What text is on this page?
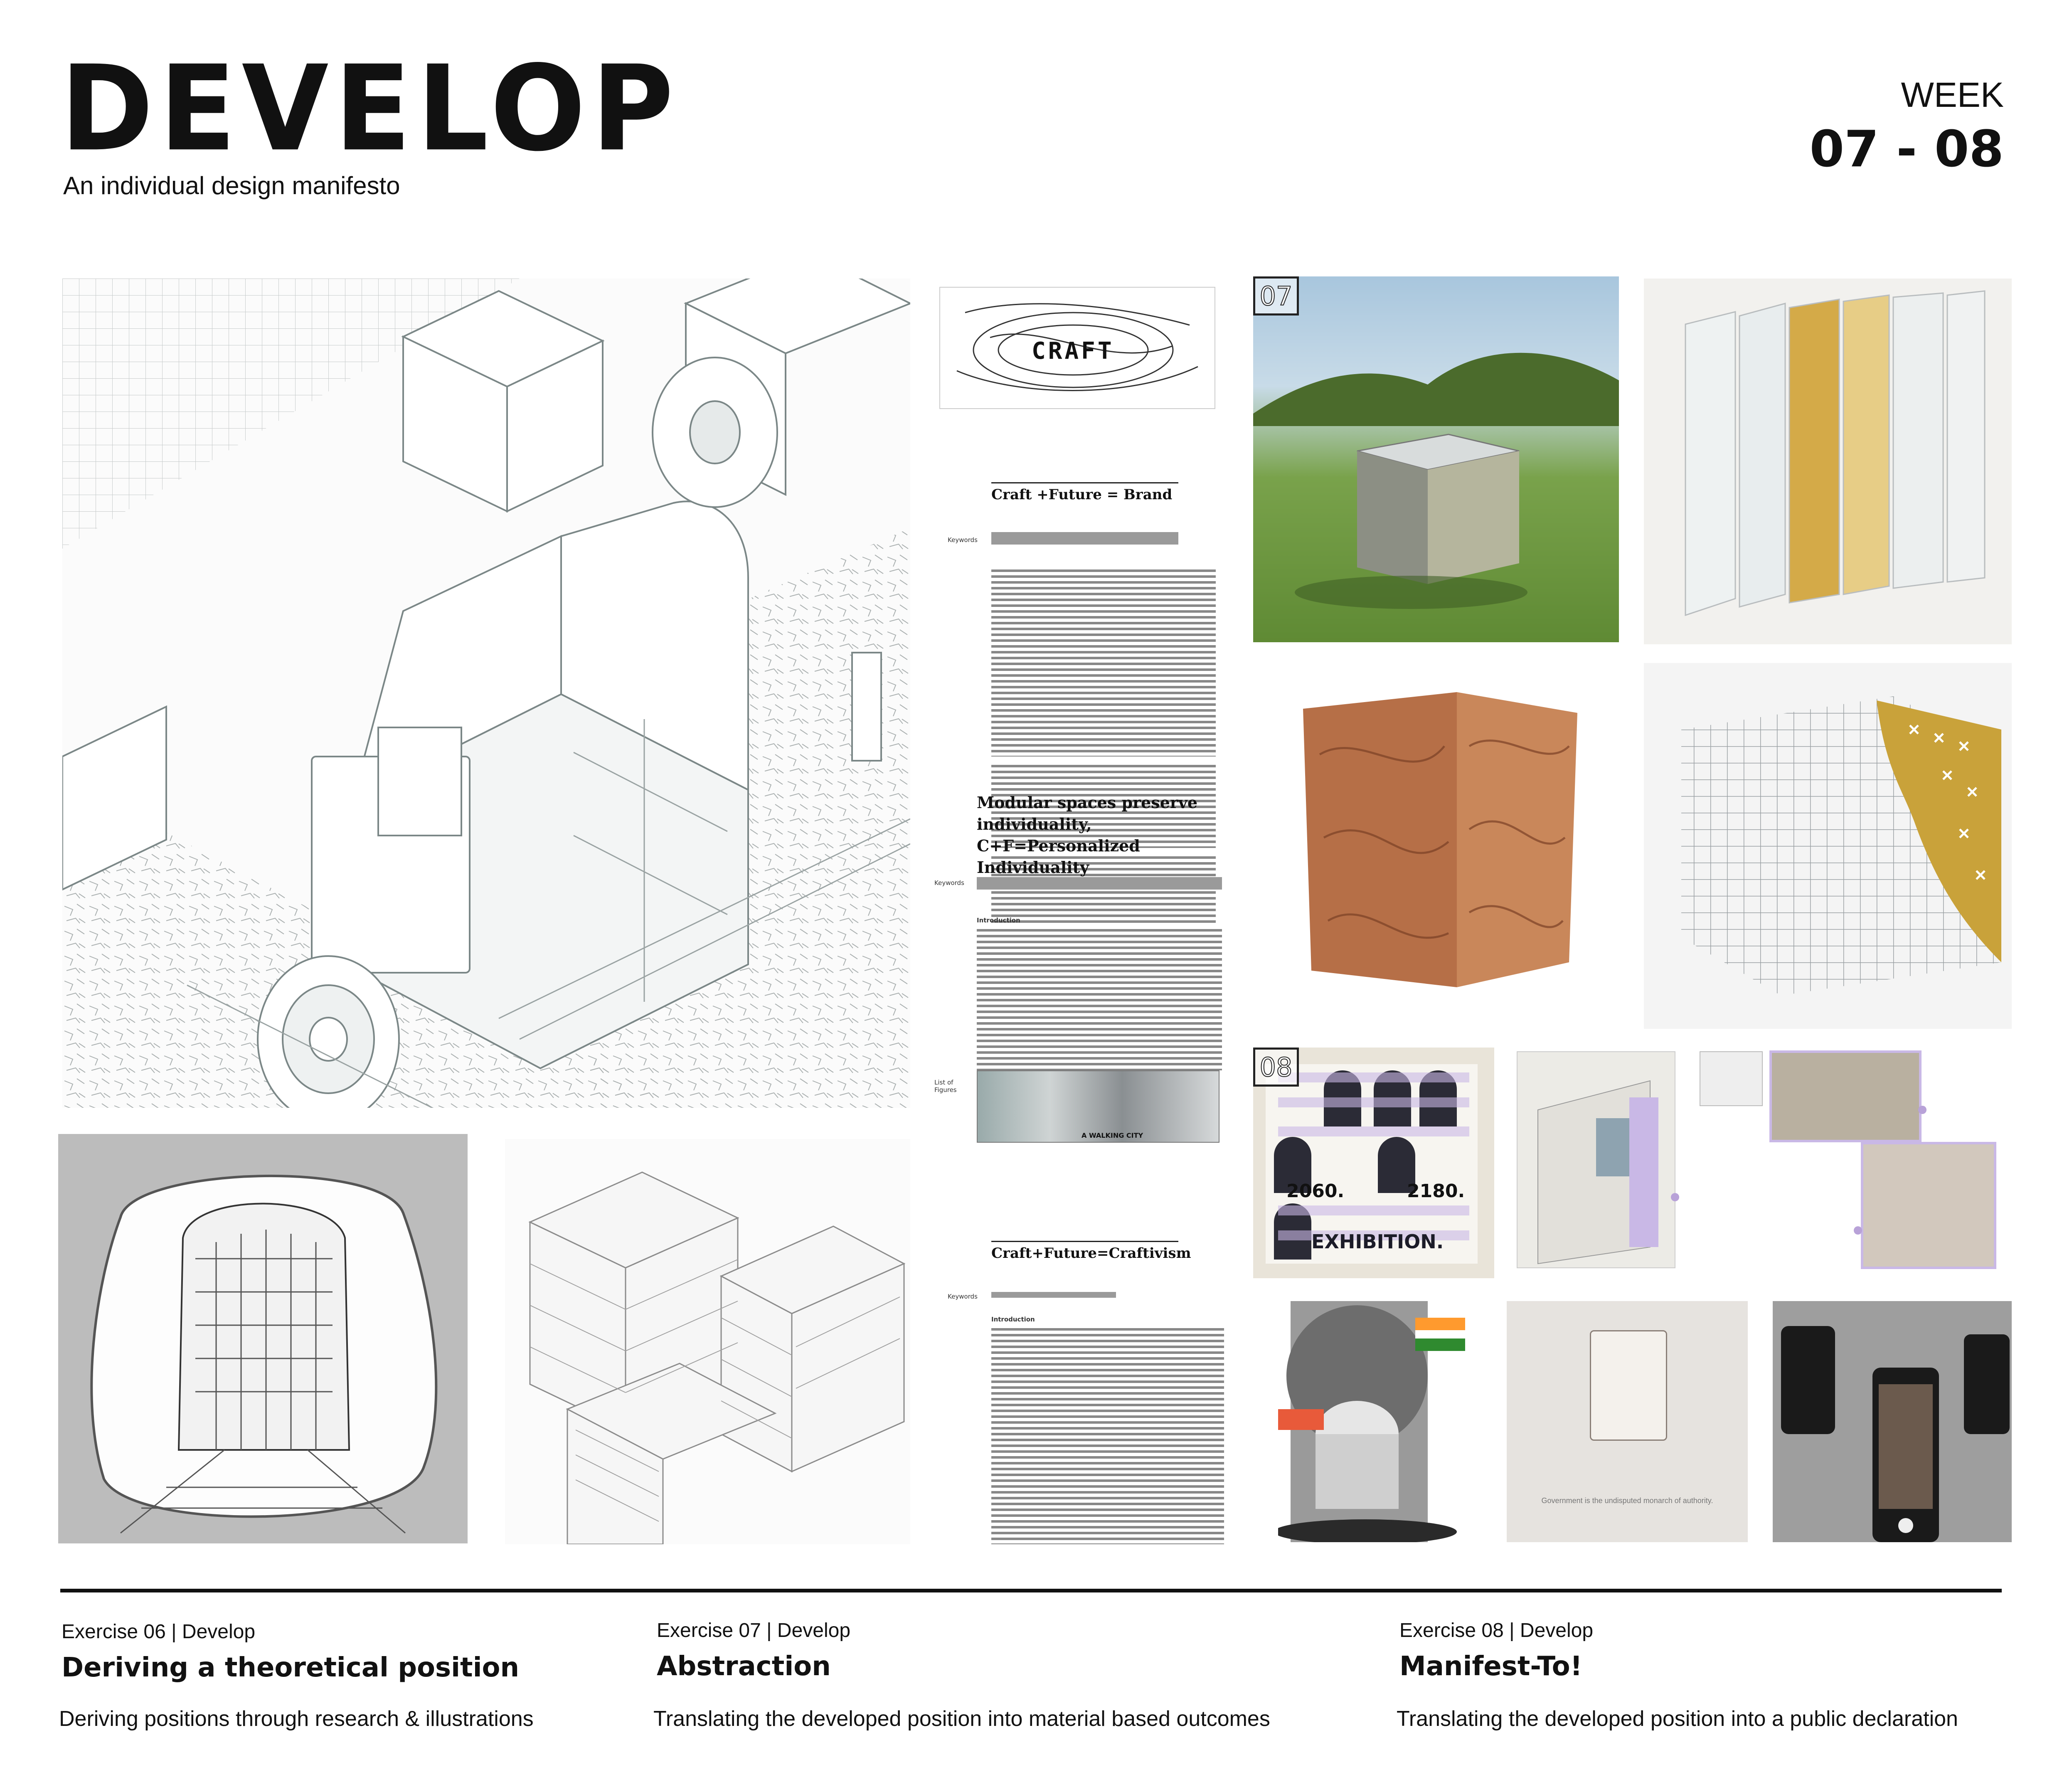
DEVELOP
An individual design manifesto
WEEK
07 - 08
CRAFT
Craft +Future = Brand
Keywords
Modular spaces preserve individuality, C+F=Personalized Individuality
Keywords
Introduction
List of Figures
A WALKING CITY
Craft+Future=Craftivism
Keywords
Introduction
07
2060.	2180.
EXHIBITION.
08
Government is the undisputed monarch of authority.
Exercise 06 | Develop
Deriving a theoretical position
Deriving positions through research & illustrations
Exercise 07 | Develop
Abstraction
Translating the developed position into material based outcomes
Exercise 08 | Develop
Manifest-To!
Translating the developed position into a public declaration
